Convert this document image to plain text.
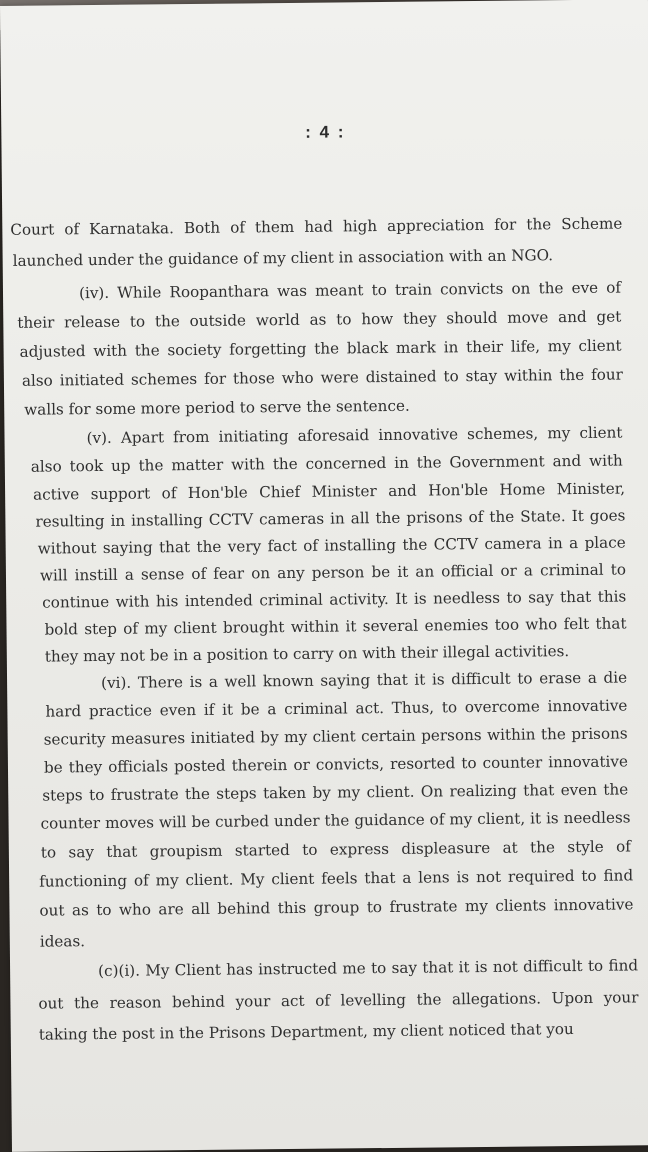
: 4 :
Court of Karnataka. Both of them had high appreciation for the Scheme
launched under the guidance of my client in association with an NGO.
(iv). While Roopanthara was meant to train convicts on the eve of
their release to the outside world as to how they should move and get
adjusted with the society forgetting the black mark in their life, my client
also initiated schemes for those who were distained to stay within the four
walls for some more period to serve the sentence.
(v). Apart from initiating aforesaid innovative schemes, my client
also took up the matter with the concerned in the Government and with
active support of Hon'ble Chief Minister and Hon'ble Home Minister,
resulting in installing CCTV cameras in all the prisons of the State. It goes
without saying that the very fact of installing the CCTV camera in a place
will instill a sense of fear on any person be it an official or a criminal to
continue with his intended criminal activity. It is needless to say that this
bold step of my client brought within it several enemies too who felt that
they may not be in a position to carry on with their illegal activities.
(vi). There is a well known saying that it is difficult to erase a die
hard practice even if it be a criminal act. Thus, to overcome innovative
security measures initiated by my client certain persons within the prisons
be they officials posted therein or convicts, resorted to counter innovative
steps to frustrate the steps taken by my client. On realizing that even the
counter moves will be curbed under the guidance of my client, it is needless
to say that groupism started to express displeasure at the style of
functioning of my client. My client feels that a lens is not required to find
out as to who are all behind this group to frustrate my clients innovative
ideas.
(c)(i). My Client has instructed me to say that it is not difficult to find
out the reason behind your act of levelling the allegations. Upon your
taking the post in the Prisons Department, my client noticed that you
